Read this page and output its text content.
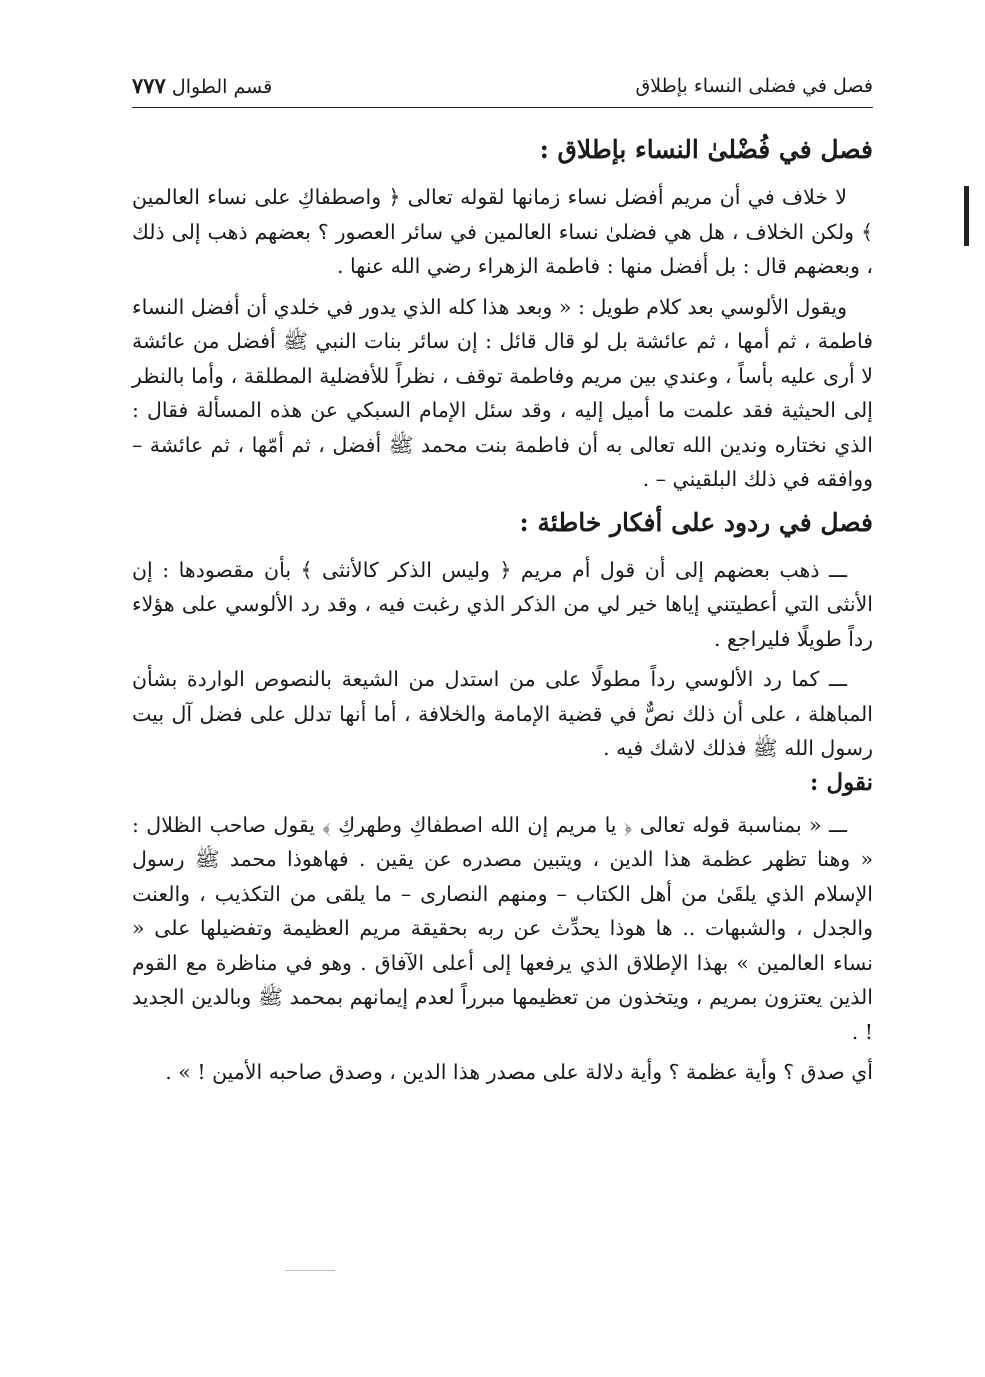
فصل في فضلى النساء بإطلاق
قسم الطوال ٧٧٧
فصل في فُضْلىٰ النساء بإطلاق :

لا خلاف في أن مريم أفضل نساء زمانها لقوله تعالى ﴿ واصطفاكِ على نساء العالمين ﴾ ولكن الخلاف ، هل هي فضلىٰ نساء العالمين في سائر العصور ؟ بعضهم ذهب إلى ذلك ، وبعضهم قال : بل أفضل منها : فاطمة الزهراء رضي الله عنها .

ويقول الألوسي بعد كلام طويل : « وبعد هذا كله الذي يدور في خلدي أن أفضل النساء فاطمة ، ثم أمها ، ثم عائشة بل لو قال قائل : إن سائر بنات النبي ﷺ أفضل من عائشة لا أرى عليه بأساً ، وعندي بين مريم وفاطمة توقف ، نظراً للأفضلية المطلقة ، وأما بالنظر إلى الحيثية فقد علمت ما أميل إليه ، وقد سئل الإمام السبكي عن هذه المسألة فقال : الذي نختاره وندين الله تعالى به أن فاطمة بنت محمد ﷺ أفضل ، ثم أمّها ، ثم عائشة – ووافقه في ذلك البلقيني – .

فصل في ردود على أفكار خاطئة :

ـــ ذهب بعضهم إلى أن قول أم مريم ﴿ وليس الذكر كالأنثى ﴾ بأن مقصودها : إن الأنثى التي أعطيتني إياها خير لي من الذكر الذي رغبت فيه ، وقد رد الألوسي على هؤلاء رداً طويلًا فليراجع .

ـــ كما رد الألوسي رداً مطولًا على من استدل من الشيعة بالنصوص الواردة بشأن المباهلة ، على أن ذلك نصٌّ في قضية الإمامة والخلافة ، أما أنها تدلل على فضل آل بيت رسول الله ﷺ فذلك لاشك فيه .

نقول :

ـــ « بمناسبة قوله تعالى ﴿ يا مريم إن الله اصطفاكِ وطهركِ ﴾ يقول صاحب الظلال : « وهنا تظهر عظمة هذا الدين ، ويتبين مصدره عن يقين . فهاهوذا محمد ﷺ رسول الإسلام الذي يلقَىٰ من أهل الكتاب – ومنهم النصارى – ما يلقى من التكذيب ، والعنت والجدل ، والشبهات .. ها هوذا يحدِّث عن ربه بحقيقة مريم العظيمة وتفضيلها على « نساء العالمين » بهذا الإطلاق الذي يرفعها إلى أعلى الآفاق . وهو في مناظرة مع القوم الذين يعتزون بمريم ، ويتخذون من تعظيمها مبرراً لعدم إيمانهم بمحمد ﷺ وبالدين الجديد ! .

أي صدق ؟ وأية عظمة ؟ وأية دلالة على مصدر هذا الدين ، وصدق صاحبه الأمين ! » .
